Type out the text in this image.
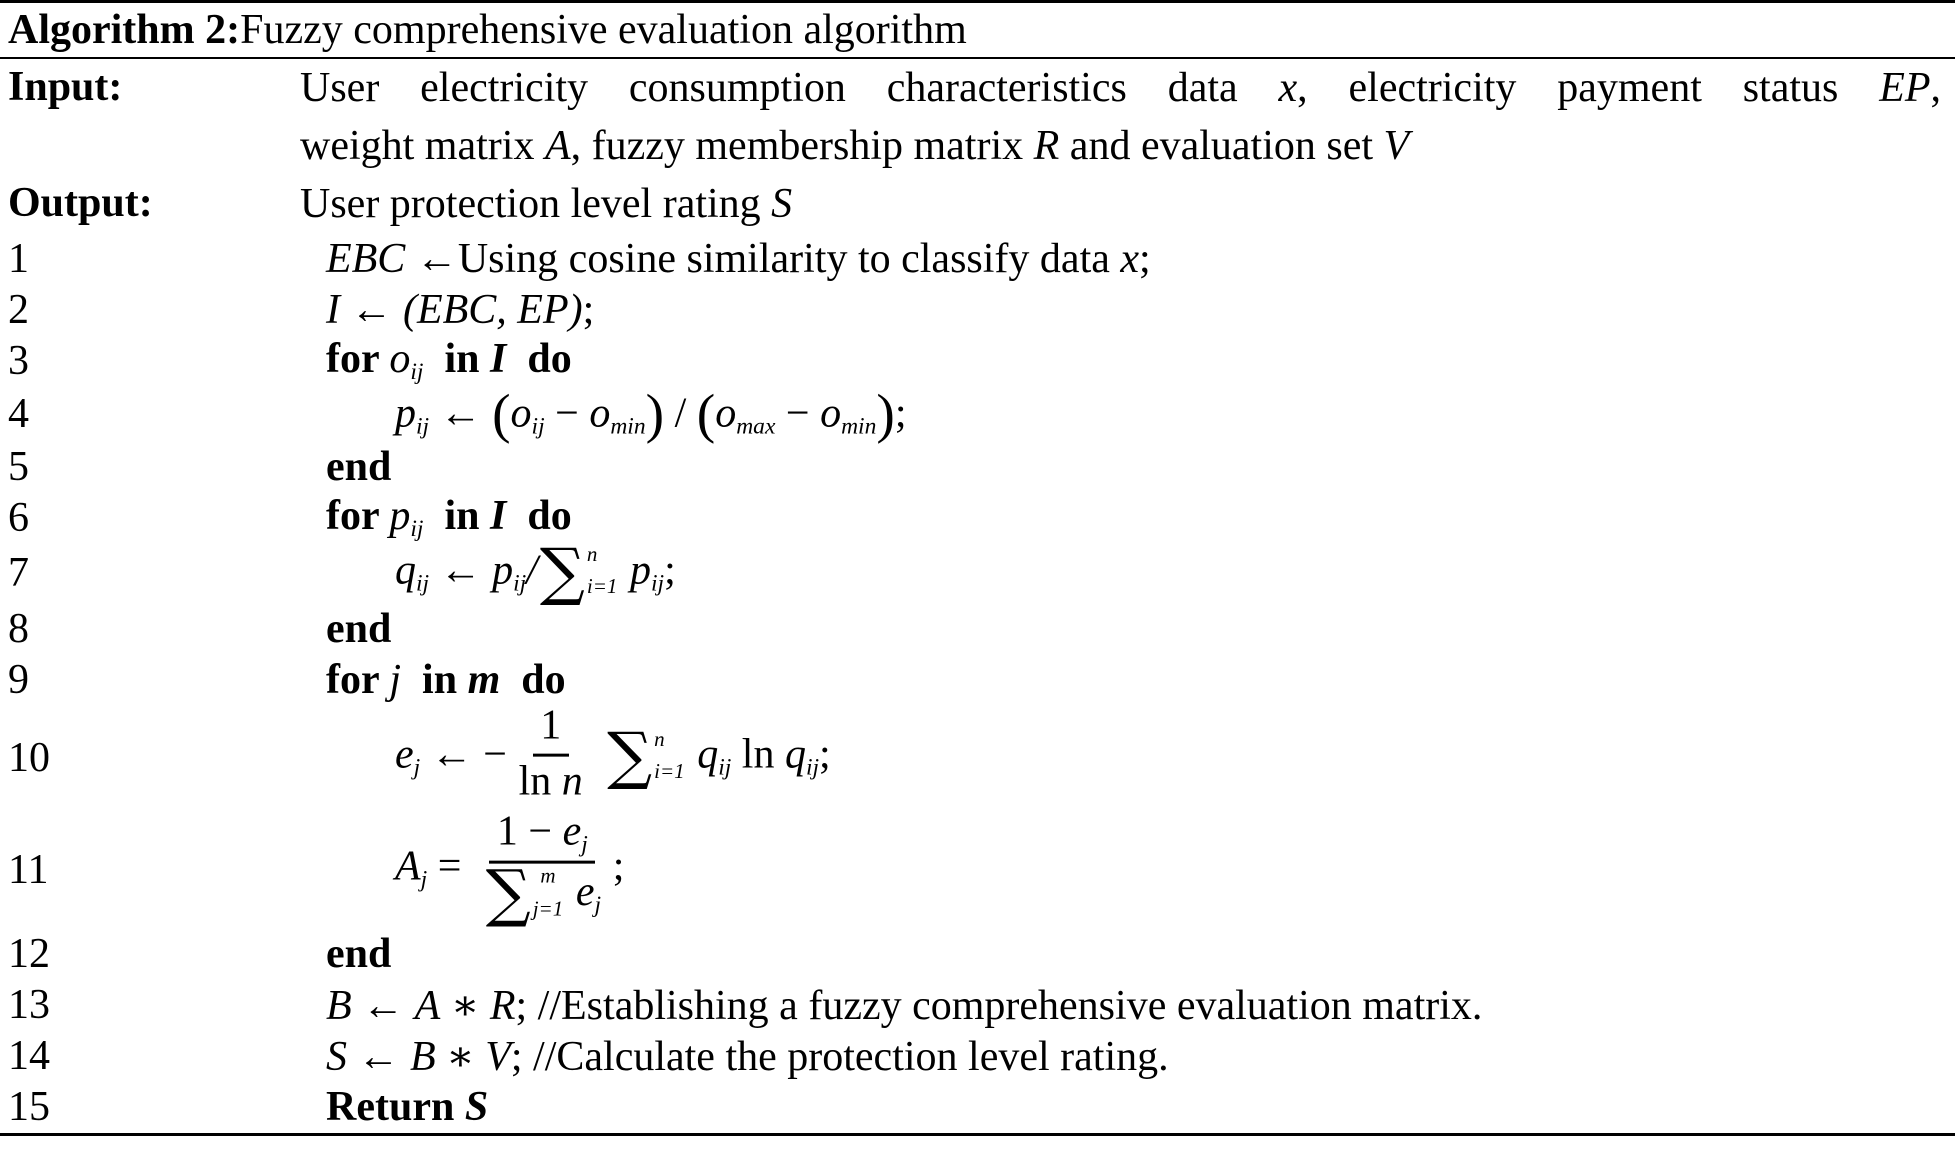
Algorithm 2: Fuzzy comprehensive evaluation algorithm
Input:	User electricity consumption characteristics data x, electricity payment status EP,
weight matrix A, fuzzy membership matrix R and evaluation set V
Output:	User protection level rating S
1	EBC ←Using cosine similarity to classify data x;
2	I ← (EBC, EP);
3	for $o_{ij}$ in I do
4	$p_{ij}$ ← $(o_{ij} - o_{min}) / (o_{max} - o_{min})$;
5	end
6	for $p_{ij}$ in I do
7	$q_{ij}$ ← $p_{ij}/$ ∑ n
i=1 $p_{ij}$;
8	end
9	for j in m do
10	$e_j$ ← − $\frac{1}{\text{ln n}}$
∑ n
i=1 $q_{ij}$ $\ln q_{ij}$;
11	$A_j = 1 - e_j$
∑ m
j=1 $e_j$ ;
12	end
13	B ← A ∗ R; //Establishing a fuzzy comprehensive evaluation matrix.
14	S ← B ∗ V; //Calculate the protection level rating.
15	Return S
